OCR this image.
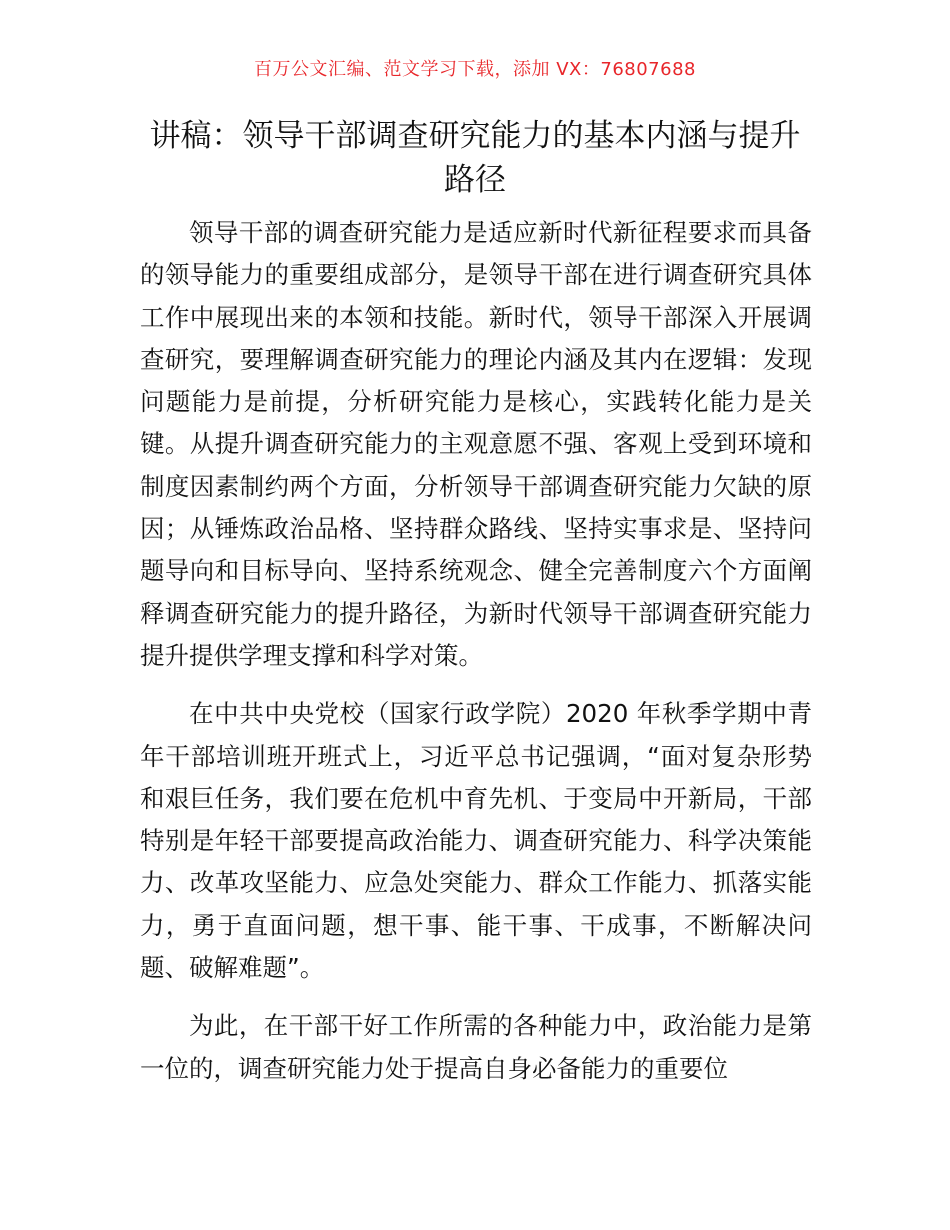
百万公文汇编、范文学习下载，添加 VX：76807688
讲稿：领导干部调查研究能力的基本内涵与提升路径

领导干部的调查研究能力是适应新时代新征程要求而具备的领导能力的重要组成部分，是领导干部在进行调查研究具体工作中展现出来的本领和技能。新时代，领导干部深入开展调查研究，要理解调查研究能力的理论内涵及其内在逻辑：发现问题能力是前提，分析研究能力是核心，实践转化能力是关键。从提升调查研究能力的主观意愿不强、客观上受到环境和制度因素制约两个方面，分析领导干部调查研究能力欠缺的原因；从锤炼政治品格、坚持群众路线、坚持实事求是、坚持问题导向和目标导向、坚持系统观念、健全完善制度六个方面阐释调查研究能力的提升路径，为新时代领导干部调查研究能力提升提供学理支撑和科学对策。

在中共中央党校（国家行政学院）2020 年秋季学期中青年干部培训班开班式上，习近平总书记强调，“面对复杂形势和艰巨任务，我们要在危机中育先机、于变局中开新局，干部特别是年轻干部要提高政治能力、调查研究能力、科学决策能力、改革攻坚能力、应急处突能力、群众工作能力、抓落实能力，勇于直面问题，想干事、能干事、干成事，不断解决问题、破解难题”。

为此，在干部干好工作所需的各种能力中，政治能力是第一位的，调查研究能力处于提高自身必备能力的重要位
